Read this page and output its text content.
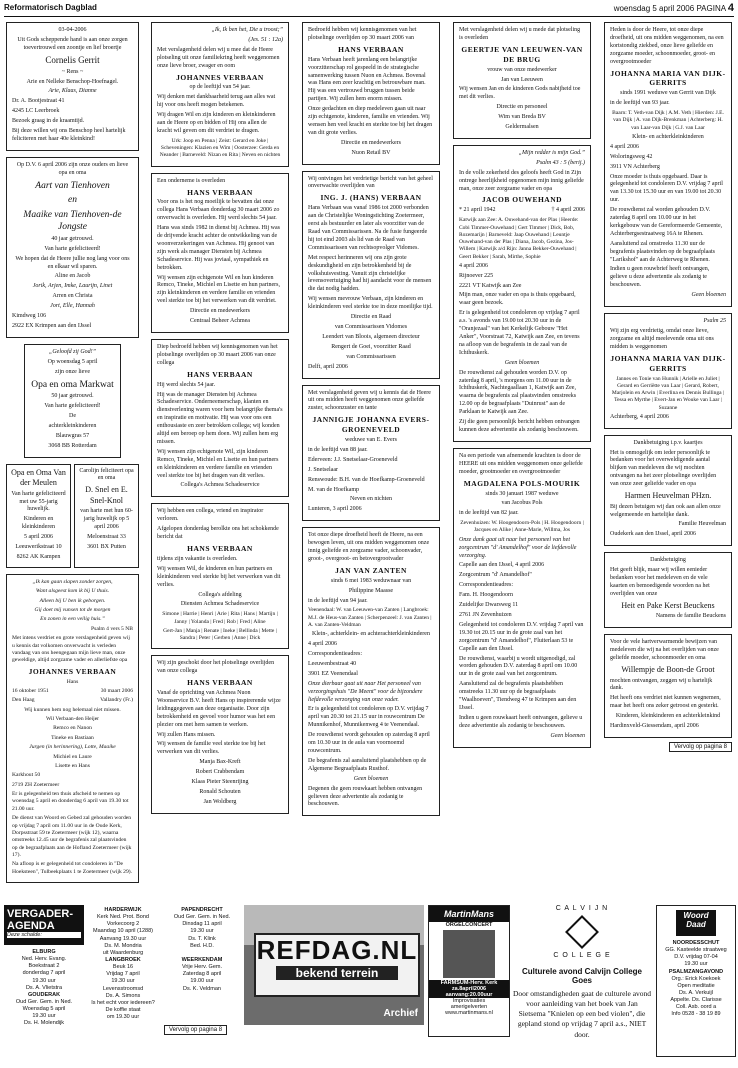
Reformatorisch Dagblad	woensdag 5 april 2006 PAGINA 4

03-04-2006

Uit Gods scheppende hand is aan onze zorgen toevertrouwd een zoontje en lief broertje

Cornelis Gerrit

~ Rens ~

Arie en Nelleke Benschop-Hoefnagel.

Arie, Klaas, Dianne

Dr. A. Bootjestraat 41

4245 LC Leerbroek

Bezoek graag in de kraamtijd.

Bij deze willen wij ons Benschop heel hartelijk feliciteren met haar 40e kleinkind!

Op D.V. 6 april 2006 zijn onze ouders en lieve opa en oma

Aart van Tienhoven

en

Maaike van Tienhoven-de Jongste

40 jaar getrouwd.

Van harte gefeliciteerd!

We hopen dat de Heere jullie nog lang voor ons en elkaar wil sparen.

Aline en Jacob

Jorik, Arjen, Imke, Laurijn, Linet

Arren en Christa

Jort, Elle, Hannah

Kimdweg 106

2922 EX Krimpen aan den IJssel

„Geloofd zij God!”

Op woensdag 5 april

zijn onze lieve

Opa en oma Markwat

50 jaar getrouwd.

Van harte gefeliciteerd!

De

achterkleinkinderen

Blauwgras 57

3068 BB Rotterdam

Opa en Oma Van der Meulen

Van harte gefeliciteerd met uw 55-jarig huwelijk.

Kinderen en kleinkinderen

5 april 2006

Leeuwerikstraat 10

8262 AK Kampen

Carolijn feliciteert opa en oma

D. Snel en E. Snel-Knol

van harte met hun 60-jarig huwelijk op 5 april 2006

Meloenstraat 33

3601 BX Putten

„Ik kan gaan slapen zonder zorgen,

Want alsgeest kom ik bij U thuis.

Alleen bij U ben ik geborgen.

Gij doet mij vunsen tot de morgen

En zonen in een veilig huis.”

Psalm 4 vers 5 NB

Met intens verdriet en grote verslagenheid geven wij u kennis dat volkomen onverwacht is verleden vandaag van ons heengegaan mijn lieve man, onze geweldige, altijd zorgzame vader en allerliefste opa

JOHANNES VERBAAN

Hans

16 oktober 1951	30 maart 2006

Den Haag	Vallandry (Fr.)

Wij kunnen hem nog helemaal niet missen.

Wil Verbaan-den Heijer

Remco en Nanon

Tineke en Bastiaan

Jurgen (in herinnering), Lotte, Maaike

Michiel en Laure

Lisette en Hans

Karkhout 50

2719 ZH Zoetermeer

Er is gelegenheid ten thuis afscheid te nemen op woensdag 5 april en donderdag 6 april van 19.30 tot 21.00 uur.

De dienst van Woord en Gebed zal gehouden worden op vrijdag 7 april om 11.00 uur in de Oude Kerk, Dorpsstraat 59 te Zoetermeer (wijk 12), waarna omstreeks 12.45 uur de begrafenis zal plaatsvinden op de begraafplaats aan de Hofland Zoetermeer (wijk 17).

Na afloop is er gelegenheid tot condoleren in "De Hoeksteen", Tulbeekplaats 1 te Zoetermeer (wijk 29).

„Ik, Ik ben het, Die u troost;”

(Jes. 51 : 12a)

Met verslagenheid delen wij u mee dat de Heere plotseling uit onze familiekring heeft weggenomen onze lieve broer, zwager en oom

JOHANNES VERBAAN

op de leeftijd van 54 jaar.

Wij denken met dankbaarheid terug aan alles wat hij voor ons heeft mogen betekenen.

Wij dragen Wil en zijn kinderen en kleinkinderen aan de Heere op en bidden of Hij ons allen de kracht wil geven om dit verdriet te dragen.

Urk: Joop en Penna | Zeist: Gerard en Joke | Scheveningen: Klazien en Wim | Oosterzee: Gerda en Neander | Barneveld: Nizan en Rita | Neven en nichten

Een onderneme is overleden

HANS VERBAAN

Voor ons is het nog moeilijk te bevatten dat onze collega Hans Verbaan donderdag 30 maart 2006 zo onverwacht is overleden. Hij werd slechts 54 jaar.

Hans was sinds 1982 in dienst bij Achmea. Hij was de drijvende kracht achter de ontwikkeling van de woonverzekeringen van Achmea. Hij genoot van zijn werk als manager Diensten bij Achmea Schadeservice. Hij was joviaal, sympathiek en betrokken.

Wij wensen zijn echtgenote Wil en hun kinderen Remco, Tineke, Michiel en Lisette en hun partners, zijn kleinkinderen en verdere familie en vrienden veel sterkte toe bij het verwerken van dit verdriet.

Directie en medewerkers

Centraal Beheer Achmea

Diep bedroefd hebben wij kennisgenomen van het plotselinge overlijden op 30 maart 2006 van onze collega

HANS VERBAAN

Hij werd slechts 54 jaar.

Hij was de manager Diensten bij Achmea Schadeservice. Onderneemerschap, klanten en dienstverlening waren voor hem belangrijke thema's en inspiratie en motivatie. Hij was voor ons een enthousiaste en zeer betrokken collega; wij konden altijd een beroep op hem doen. Wij zullen hem erg missen.

Wij wensen zijn echtgenote Wil, zijn kinderen Remco, Tineke, Michiel en Lisette en hun partners en kleinkinderen en verdere familie en vrienden veel sterkte toe bij het dragen van dit verlies.

Collega's Achmea Schadeservice

Wij hebben een collega, vriend en inspirator verloren.

Afgelopen donderdag berolkte ons het schokkende bericht dat

HANS VERBAAN

tijdens zijn vakantie is overleden.

Wij wensen Wil, de kinderen en hun partners en kleinkinderen veel sterkte bij het verwerken van dit verlies.

Collega's afdeling

Diensten Achmea Schadeservice

Simone | Harrie | Henri | Arie | Rita | Hans | Martijn | Janny | Yolanda | Fred | Rob | Fred | Aline

Gert-Jan | Manja | Renate | Ineke | Bellinda | Mette | Sandra | Peter | Gerben | Anne | Dick

Wij zijn geschokt door het plotselinge overlijden van onze collega

HANS VERBAAN

Vanaf de oprichting van Achmea Nuon Woonservice B.V. heeft Hans op inspirerende wijze leidinggegeven aan deze organisatie. Door zijn betrokkenheid en gevoel voor humor was het een plezier om met hem samen te werken.

Wij zullen Hans missen.

Wij wensen de familie veel sterkte toe bij het verwerken van dit verlies.

Manja Bax-Kreft

Robert Crabbendam

Klaas Pieter Steenrijing

Ronald Schouten

Jan Woldberg

Bedroefd hebben wij kennisgenomen van het plotselinge overlijden op 30 maart 2006 van

HANS VERBAAN

Hans Verbaan heeft jarenlang een belangrijke voorzitterschap rol gespeeld in de strategische samenwerking tussen Nuon en Achmea. Bovenal was Hans een zeer krachtig en betrouwbare man. Hij was een vertrouwd bruggen tussen beide partijen. Wij zullen hem enorm missen.

Onze gedachten en diep medeleven gaan uit naar zijn echtgenote, kinderen, familie en vrienden. Wij wensen hen veel kracht en sterkte toe bij het dragen van dit grote verlies.

Directie en medewerkers

Nuon Retail BV

Wij ontvingen het verdrietige bericht van het geheel onverwachte overlijden van

ING. J. (HANS) VERBAAN

Hans Verbaan was vanaf 1986 tot 2000 verbonden aan de Christelijke Woningstichting Zoetermeer, eerst als bestuurder en later als voorzitter van de Raad van Commissarissen. Na de fusie fungeerde hij tot eind 2003 als lid van de Raad van Commissarissen van rechtsopvolger Vidomes.

Met respect herinneren wij ons zijn grote deskundigheid en zijn betrokkenheid bij de volkshuisvesting. Vanuit zijn christelijke levensovertuiging had hij aandacht voor de mensen die dat nodig hadden.

Wij wensen mevrouw Verbaan, zijn kinderen en kleinkinderen veel sterkte toe in deze moeilijke tijd.

Directie en Raad

van Commissarissen Vidomes

Leendert van Bloois, algemeen directeur

Rengert de Goei, voorzitter Raad

van Commissarissen

Delft, april 2006

Met verslagenheid geven wij u kennis dat de Heere uit ons midden heeft weggenomen onze geliefde zuster, schoonzuster en tante

JANNIGJE JOHANNA EVERS-GROENEVELD

weduwe van E. Evers

in de leeftijd van 88 jaar.

Ederveen: J.J. Snetselaar-Groeneveld

J. Snetselaar

Renswoude: B.H. van de Hoefkamp-Groeneveld

M. van de Hoefkamp

Neven en nichten

Lunteren, 3 april 2006

Tot onze diepe droefheid heeft de Heere, na een bewogen leven, uit ons midden weggenomen onze innig geliefde en zorgzame vader, schoonvader, groot-, overgroot- en betovergrootvader

JAN VAN ZANTEN

sinds 6 mei 1983 weduwnaar van

Philippine Maasse

in de leeftijd van 94 jaar.

Veenendaal: W. van Leeuwen-van Zanten | Langbroek: M.J. de Heus-van Zanten | Scherpenzeel: J. van Zanten | A. van Zanten-Veldman

Klein-, achterklein- en achterachterkleinkinderen

4 april 2006

Correspondentieadres:

Leeuwenbestraat 40

3901 EZ Veenendaal

Onze dierbaar gaat uit naar Het personeel van verzorgingshuis "De Meent" voor de bijzondere liefdevolle verzorging van onze vader.

Er is gelegenheid tot condoleren op D.V. vrijdag 7 april van 20.30 tot 21.15 uur in rouwcentrum De Munnikenhof, Munnikenweg 4 te Veenendaal.

De rouwdienst wordt gehouden op zaterdag 8 april om 10.30 uur in de aula van voornoemd rouwcentrum.

De begrafenis zal aansluitend plaatshebben op de Algemene Begraafplaats Rusthof.

Geen bloemen

Degenen die geen rouwkaart hebben ontvangen gelieven deze advertentie als zodanig te beschouwen.

Met verslagenheid delen wij u mede dat plotseling is overleden

GEERTJE VAN LEEUWEN-VAN DE BRUG

vrouw van onze medewerker

Jan van Leeuwen

Wij wensen Jan en de kinderen Gods nabijheid toe met dit verlies.

Directie en personeel

Wim van Breda BV

Geldermalsen

„Mijn redder is mijn God.”

Psalm 43 : 5 (berij.)

In de volle zekerheid des geloofs heeft God in Zijn ontrege heerlijkheid opgenomen mijn innig geliefde man, onze zeer zorgzame vader en opa

JACOB OUWEHAND

* 21 april 1942	† 4 april 2006

Katwijk aan Zee: A. Ouwehand-van der Plas | Heerde: Cobi Timmer-Ouwehand | Gert Timmer | Dick, Bob, Rozemarijn | Barneveld: Jaap Ouwehand | Leuntje Ouwehand-van der Plas | Diana, Jacob, Gezina, Jos-Willem | Katwijk a/d Rijn: Janna Bekker-Ouwehand | Geert Bekker | Sarah, Mirthe, Sophie

4 april 2006

Rijnoever 225

2221 VT Katwijk aan Zee

Mijn man, onze vader en opa is thuis opgebaard, waar geen bezoek.

Er is gelegenheid tot condoleren op vrijdag 7 april a.s. 's avonds van 19.00 tot 20.30 uur in de "Oranjezaal" van het Kerkelijk Gebouw "Het Anker", Voorstraat 72, Katwijk aan Zee, en tevens na afloop van de begrafenis in de zaal van de Ichthuskerk.

Geen bloemen

De rouwdienst zal gehouden worden D.V. op zaterdag 8 april, 's morgens om 11.00 uur in de Ichthuskerk, Nachtegaallaan 1, Katwijk aan Zee, waarna de begrafenis zal plaatsvinden omstreeks 12.00 op de begraafplaats "Duinrust" aan de Parklaan te Katwijk aan Zee.

Zij die geen persoonlijk bericht hebben ontvangen kunnen deze advertentie als zodanig beschouwen.

Na een periode van afnemende krachten is door de HEERE uit ons midden weggenomen onze geliefde moeder, grootmoeder en overgrootmoeder

MAGDALENA POLS-MOURIK

sinds 30 januari 1987 weduwe

van Jacobus Pols

in de leeftijd van 82 jaar.

Zevenhuizen: W. Hoogendoorn-Pols | H. Hoogendoorn | Jacques en Alike | Anne-Marie, Willma, Jos

Onze dank gaat uit naar het personeel van het zorgcentrum "d' Amandelhof" voor de liefdevolle verzorging.

Capelle aan den IJssel, 4 april 2006

Zorgcentrum "d' Amandelhof"

Correspondentieadres:

Fam. H. Hoogendoorn

Zuidelijke Dwarsweg 11

2761 JN Zevenhuizen

Gelegenheid tot condoleren D.V. vrijdag 7 april van 19.30 tot 20.15 uur in de grote zaal van het zorgcentrum "d' Amandelhof", Fluiterlaan 53 te Capelle aan den IJssel.

De rouwdienst, waarbij u wordt uitgenodigd, zal worden gehouden D.V. zaterdag 8 april om 10.00 uur in de grote zaal van het zorgcentrum.

Aansluitend zal de begrafenis plaatshebben omstreeks 11.30 uur op de begraafplaats "Waalhoeven", Tiendweg 47 te Krimpen aan den IJssel.

Indien u geen rouwkaart heeft ontvangen, gelieve u deze advertentie als zodanig te beschouwen.

Geen bloemen

Heden is door de Heere, tot onze diepe droefheid, uit ons midden weggenomen, na een kortstondig ziekbed, onze lieve geliefde en zorgzame moeder, schoonmoeder, groot- en overgrootmoeder

JOHANNA MARIA VAN DIJK-GERRITS

sinds 1991 weduwe van Gerrit van Dijk

in de leeftijd van 93 jaar.

Baarn: T. Veth-van Dijk | A.M. Veth | Hierden: J.E. van Dijk | A. van Dijk-Brenkman | Achterberg: H. van Laar-van Dijk | G.J. van Laar

Klein- en achterkleinkinderen

4 april 2006

Woloringsweg 42

3911 VN Achterberg

Onze moeder is thuis opgebaard. Daar is gelegenheid tot condoleren D.V. vrijdag 7 april van 13.30 tot 15.30 uur en van 19.00 tot 20.30 uur.

De rouwdienst zal worden gehouden D.V. zaterdag 8 april om 10.00 uur in het kerkgebouw van de Gereformeerde Gemeente, Achterbergsestraatweg 16A te Rhenen.

Aansluitend zal omstreeks 11.30 uur de begrafenis plaatsvinden op de begraafplaats "Larikshof" aan de Achterweg te Rhenen.

Indien u geen rouwbrief heeft ontvangen, gelieve u deze advertentie als zodanig te beschouwen.

Geen bloemen

Psalm 25

Wij zijn erg verdrietig, omdat onze lieve, zorgzame en altijd meelevende oma uit ons midden is weggenomen

JOHANNA MARIA VAN DIJK-GERRITS

Jannes en Tonie van Hunnik | Arielle en Juliet | Gerard en Gerriëtte van Laar | Gerard, Robert, Marjolein en Arwin | Everlina en Dennis Bullinga | Tessa en Myrthe | Evert-Jan en Wouke van Laar | Suzanne

Achterberg, 4 april 2006

Dankbetuiging i.p.v. kaartjes

Het is onmogelijk om ieder persoonlijk te bedanken voor het overweldigende aantal blijken van medeleven die wij mochten ontvangen na het zeer plotselinge overlijden van onze zeer geliefde vader en opa

Harmen Heuvelman PHzn.

Bij dezen betuigen wij dan ook aan allen onze welgemeende en hartelijke dank.

Familie Heuvelman

Oudekerk aan den IJssel, april 2006

Dankbetuiging

Het geeft blijk, maar wij willen eenieder bedanken voor het medeleven en de vele kaarten en bemoedigende woorden na het overlijden van onze

Heit en Pake Kerst Beuckens

Namens de familie Beuckens

Voor de vele hartverwarmende bewijzen van medeleven die wij na het overlijden van onze geliefde moeder, schoonmoeder en oma

Willempje de Boon-de Groot

mochten ontvangen, zeggen wij u hartelijk dank.

Het heeft ons verdriet niet kunnen wegnemen, maar het heeft ons zeker getroost en gesterkt.

Kinderen, kleinkinderen en achterkleinkind

Hardinxveld-Giessendam, april 2006

Vervolg op pagina 8
VERGADER-
AGENDA
Deze schalde:
ELBURG
Ned. Herv. Evang.
Boekstraat 2
donderdag 7 april
19.30 uur
Ds. A. Vlietstra
GOUDERAK
Oud Ger. Gem. in Ned.
Woensdag 5 april
19.30 uur
Ds. H. Molendijk
HARDERWIJK
Kerk Ned. Prot. Bond
Vorkecoorg 2
Maandag 10 april (1288)
Aanvang 19.30 uur
Ds. M. Mondria
uit Waardenburg
LANGBROEK
Beuk 16
Vrijdag 7 april
19.30 uur
Levensstroomsd
Ds. A. Simons
Is het echt voor iedereen?
De koffie staat
om 19.30 uur
PAPENDRECHT
Oud Ger. Gem. in Ned.
Dinsdag 11 april
19.30 uur
Ds. T. Klink
Bed. H.D.

WEERKENDAM
Vrije Herv. Gem.
Zaterdag 8 april
19.00 uur
Ds. K. Veldman
Vervolg op pagina 8
REFDAG.NL
bekend terrein
Archief
MartinMans
ORGELCONCERT
FARMSUM-Herv. Kerk
za.8april2006
aanvang:20.00uur
Improvisaties
amerigelverten
www.martinmans.nl
C A L V I J N
C O L L E G E
Culturele avond Calvijn College Goes
Door omstandigheden gaat de culturele avond voor aanleiding van het boek van Jan Sietsema "Knielen op een bed violen", die gepland stond op vrijdag 7 april a.s., NIET door.
Woord
Daad
NOORDESSCHUT
GG. Kasteelde straatweg
D.V. vrijdag 07-04
19.30 uur
PSALMZANGAVOND
Org.: Erick Koekoek
Open meditatie
Ds. A. Verkuijl
Appelte. Ds. Clarisse
Coll. Asb. oord a
Info 0528 - 38 19 89
